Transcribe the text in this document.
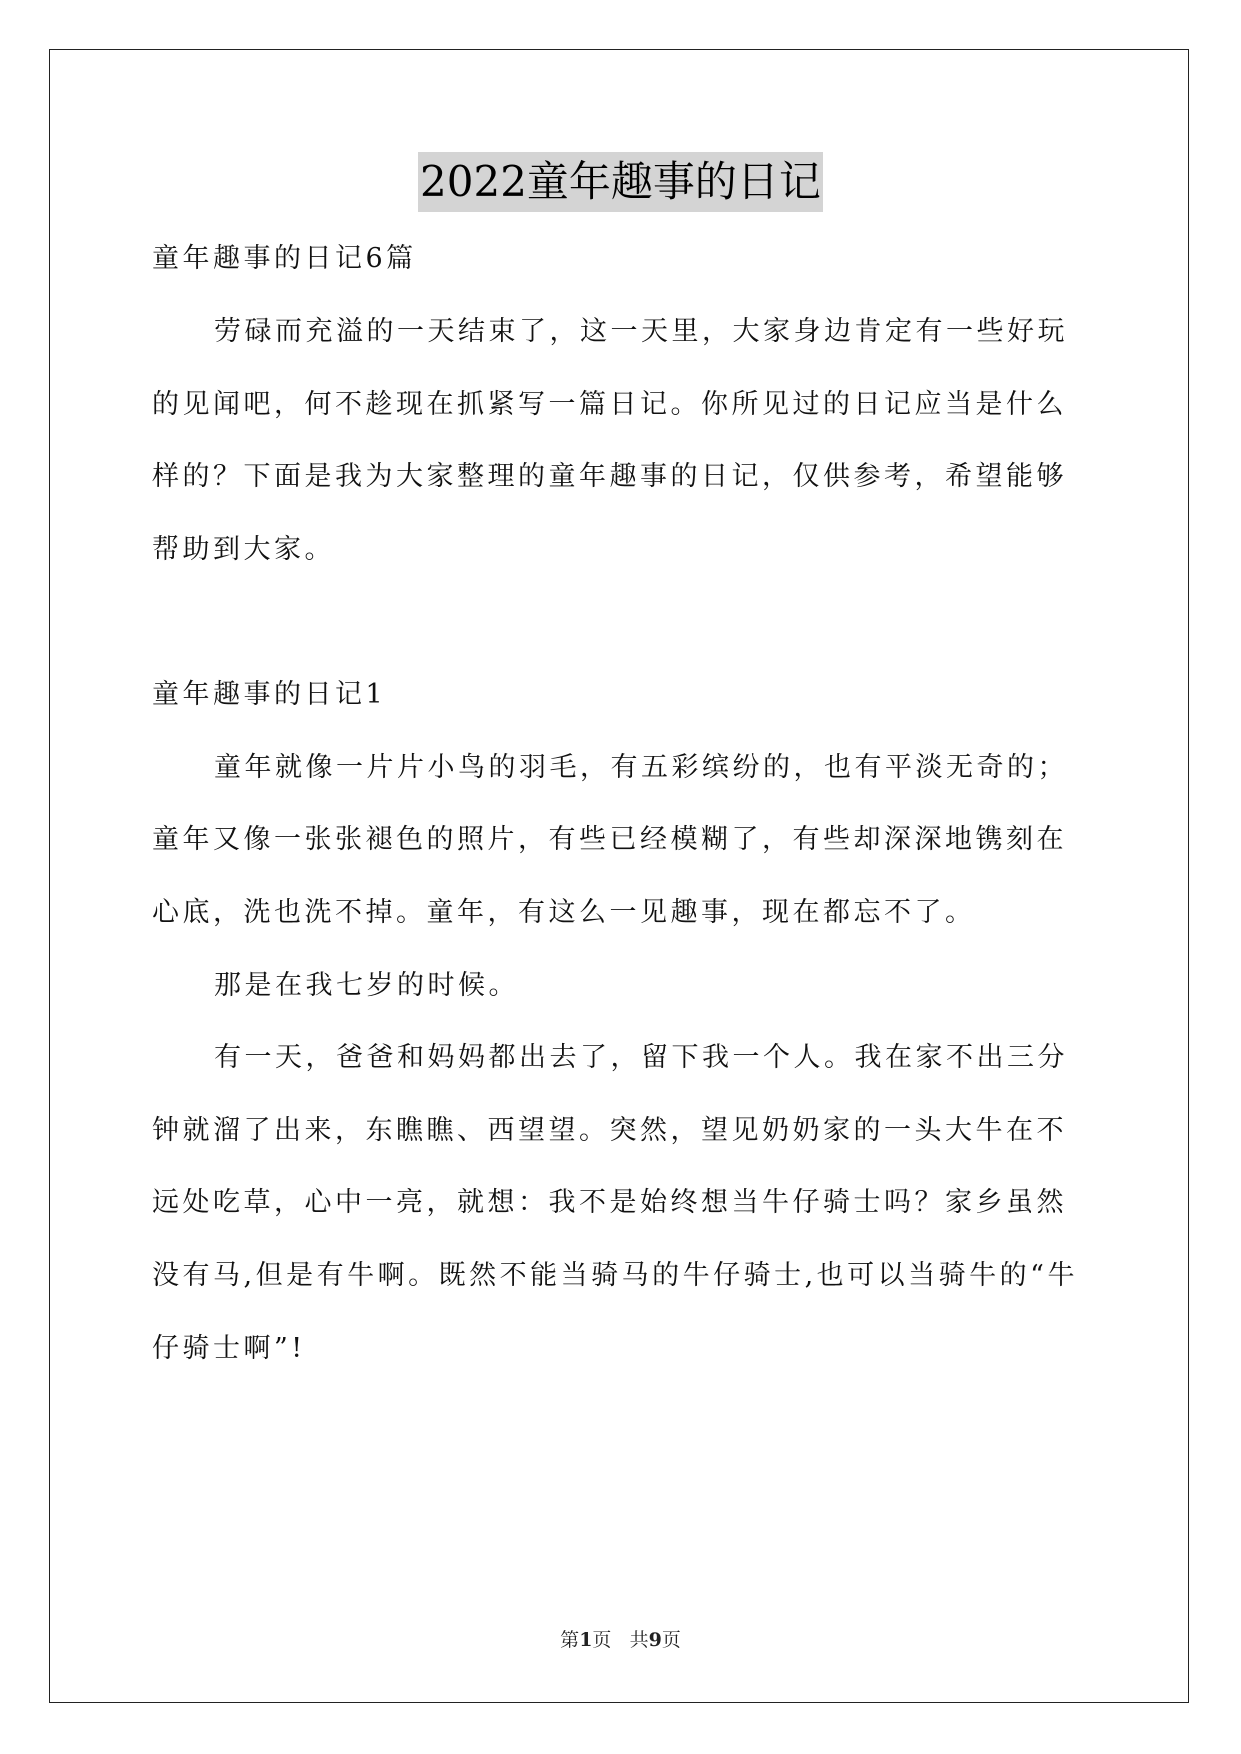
2022童年趣事的日记
童年趣事的日记6篇
劳碌而充溢的一天结束了，这一天里，大家身边肯定有一些好玩
的见闻吧，何不趁现在抓紧写一篇日记。你所见过的日记应当是什么
样的？下面是我为大家整理的童年趣事的日记，仅供参考，希望能够
帮助到大家。
童年趣事的日记1
童年就像一片片小鸟的羽毛，有五彩缤纷的，也有平淡无奇的；
童年又像一张张褪色的照片，有些已经模糊了，有些却深深地镌刻在
心底，洗也洗不掉。童年，有这么一见趣事，现在都忘不了。
那是在我七岁的时候。
有一天，爸爸和妈妈都出去了，留下我一个人。我在家不出三分
钟就溜了出来，东瞧瞧、西望望。突然，望见奶奶家的一头大牛在不
远处吃草，心中一亮，就想：我不是始终想当牛仔骑士吗？家乡虽然
没有马,但是有牛啊。既然不能当骑马的牛仔骑士,也可以当骑牛的“牛
仔骑士啊”!
第1页 共9页
